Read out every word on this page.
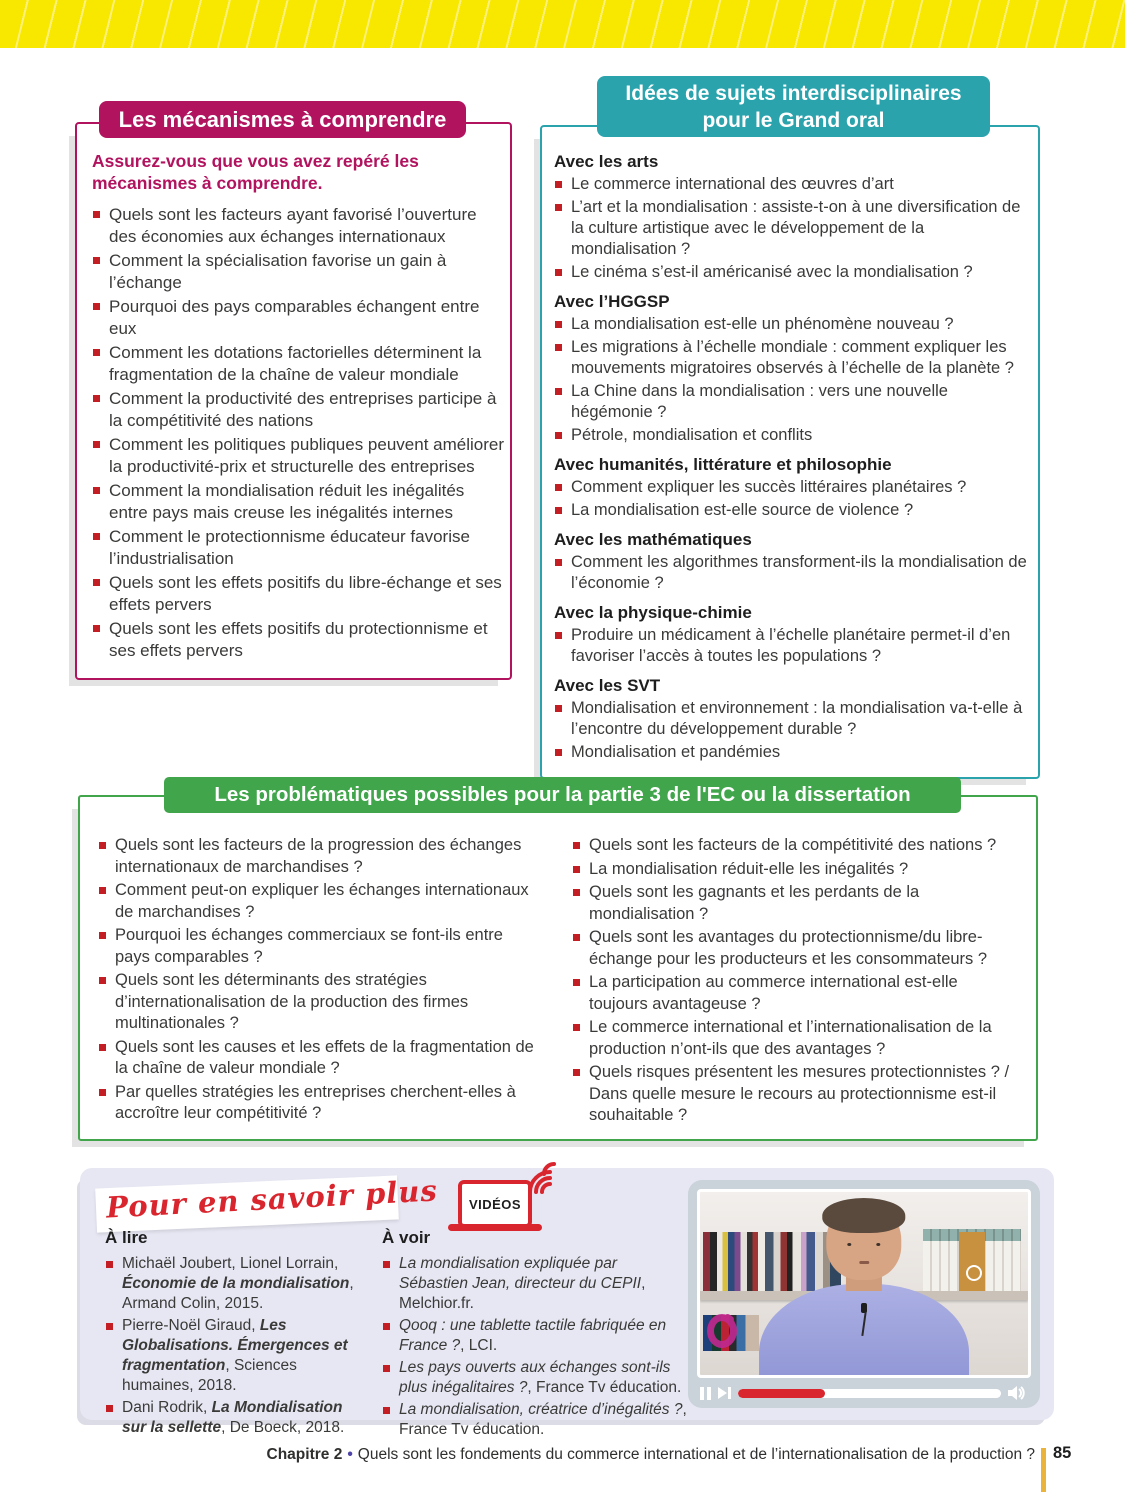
Les mécanismes à comprendre

Assurez-vous que vous avez repéré les mécanismes à comprendre.

Quels sont les facteurs ayant favorisé l’ouverture des économies aux échanges internationaux
Comment la spécialisation favorise un gain à l’échange
Pourquoi des pays comparables échangent entre eux
Comment les dotations factorielles déterminent la fragmentation de la chaîne de valeur mondiale
Comment la productivité des entreprises participe à la compétitivité des nations
Comment les politiques publiques peuvent améliorer la productivité-prix et structurelle des entreprises
Comment la mondialisation réduit les inégalités entre pays mais creuse les inégalités internes
Comment le protectionnisme éducateur favorise l’industrialisation
Quels sont les effets positifs du libre-échange et ses effets pervers
Quels sont les effets positifs du protectionnisme et ses effets pervers
Idées de sujets interdisciplinaires
pour le Grand oral
Avec les arts
Le commerce international des œuvres d’art
L’art et la mondialisation : assiste-t-on à une diversification de la culture artistique avec le développement de la mondialisation ?
Le cinéma s’est-il américanisé avec la mondialisation ?
Avec l’HGGSP
La mondialisation est-elle un phénomène nouveau ?
Les migrations à l’échelle mondiale : comment expliquer les mouvements migratoires observés à l’échelle de la planète ?
La Chine dans la mondialisation : vers une nouvelle hégémonie ?
Pétrole, mondialisation et conflits
Avec humanités, littérature et philosophie
Comment expliquer les succès littéraires planétaires ?
La mondialisation est-elle source de violence ?
Avec les mathématiques
Comment les algorithmes transforment-ils la mondialisation de l’économie ?
Avec la physique-chimie
Produire un médicament à l’échelle planétaire permet-il d’en favoriser l’accès à toutes les populations ?
Avec les SVT
Mondialisation et environnement : la mondialisation va-t-elle à l’encontre du développement durable ?
Mondialisation et pandémies
Les problématiques possibles pour la partie 3 de l'EC ou la dissertation
Quels sont les facteurs de la progression des échanges internationaux de marchandises ?
Comment peut-on expliquer les échanges internationaux de marchandises ?
Pourquoi les échanges commerciaux se font-ils entre pays comparables ?
Quels sont les déterminants des stratégies d’internationalisation de la production des firmes multinationales ?
Quels sont les causes et les effets de la fragmentation de la chaîne de valeur mondiale ?
Par quelles stratégies les entreprises cherchent-elles à accroître leur compétitivité ?
Quels sont les facteurs de la compétitivité des nations ?
La mondialisation réduit-elle les inégalités ?
Quels sont les gagnants et les perdants de la mondialisation ?
Quels sont les avantages du protectionnisme/du libre-échange pour les producteurs et les consommateurs ?
La participation au commerce international est-elle toujours avantageuse ?
Le commerce international et l’internationalisation de la production n’ont-ils que des avantages ?
Quels risques présentent les mesures protectionnistes ? / Dans quelle mesure le recours au protectionnisme est-il souhaitable ?
Pour en savoir plus
À lire
Michaël Joubert, Lionel Lorrain, Économie de la mondialisation, Armand Colin, 2015.
Pierre-Noël Giraud, Les Globalisations. Émergences et fragmentation, Sciences humaines, 2018.
Dani Rodrik, La Mondialisation sur la sellette, De Boeck, 2018.
VIDÉOS
À voir
La mondialisation expliquée par Sébastien Jean, directeur du CEPII, Melchior.fr.
Qooq : une tablette tactile fabriquée en France ?, LCI.
Les pays ouverts aux échanges sont-ils plus inégalitaires ?, France Tv éducation.
La mondialisation, créatrice d’inégalités ?, France Tv éducation.
Chapitre 2 • Quels sont les fondements du commerce international et de l’internationalisation de la production ? 85
